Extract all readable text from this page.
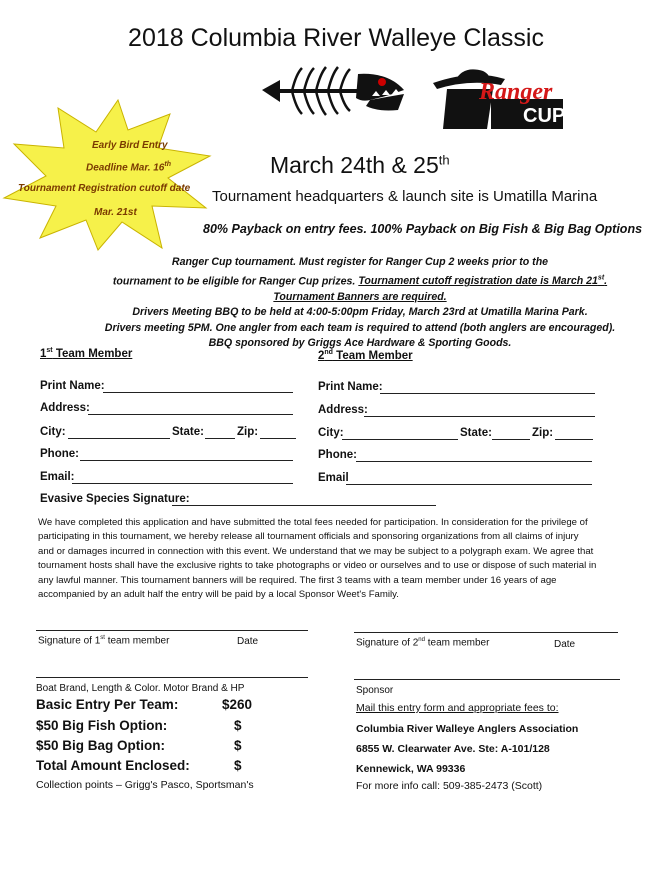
2018 Columbia River Walleye Classic
Ranger
CUP
Early Bird Entry
Deadline Mar. 16th
Tournament Registration cutoff date
Mar. 21st
March 24th & 25th
Tournament headquarters & launch site is Umatilla Marina
80% Payback on entry fees. 100% Payback on Big Fish & Big Bag Options
Ranger Cup tournament. Must register for Ranger Cup 2 weeks prior to the
tournament to be eligible for Ranger Cup prizes. Tournament cutoff registration date is March 21st.
Tournament Banners are required.
Drivers Meeting BBQ to be held at 4:00-5:00pm Friday, March 23rd at Umatilla Marina Park.
Drivers meeting 5PM. One angler from each team is required to attend (both anglers are encouraged).
BBQ sponsored by Griggs Ace Hardware & Sporting Goods.
1st Team Member
Print Name:
Address:
City:	State:	Zip:
Phone:
Email:
2nd Team Member
Print Name:
Address:
City:	State:	Zip:
Phone:
Email
Evasive Species Signature:
We have completed this application and have submitted the total fees needed for participation. In consideration for the privilege of
participating in this tournament, we hereby release all tournament officials and sponsoring organizations from all claims of injury
and or damages incurred in connection with this event. We understand that we may be subject to a polygraph exam. We agree that
tournament hosts shall have the exclusive rights to take photographs or video or ourselves and to use or dispose of such material in
any lawful manner. This tournament banners will be required. The first 3 teams with a team member under 16 years of age
accompanied by an adult half the entry will be paid by a local Sponsor Weet's Family.
Signature of 1st team member	Date	Signature of 2nd team member	Date
Boat Brand, Length & Color. Motor Brand & HP	Sponsor
Basic Entry Per Team:	$260
$50 Big Fish Option:	$
$50 Big Bag Option:	$
Total Amount Enclosed:	$
Collection points – Grigg's Pasco, Sportsman's
Mail this entry form and appropriate fees to:
Columbia River Walleye Anglers Association
6855 W. Clearwater Ave. Ste: A-101/128
Kennewick, WA 99336
For more info call: 509-385-2473 (Scott)
